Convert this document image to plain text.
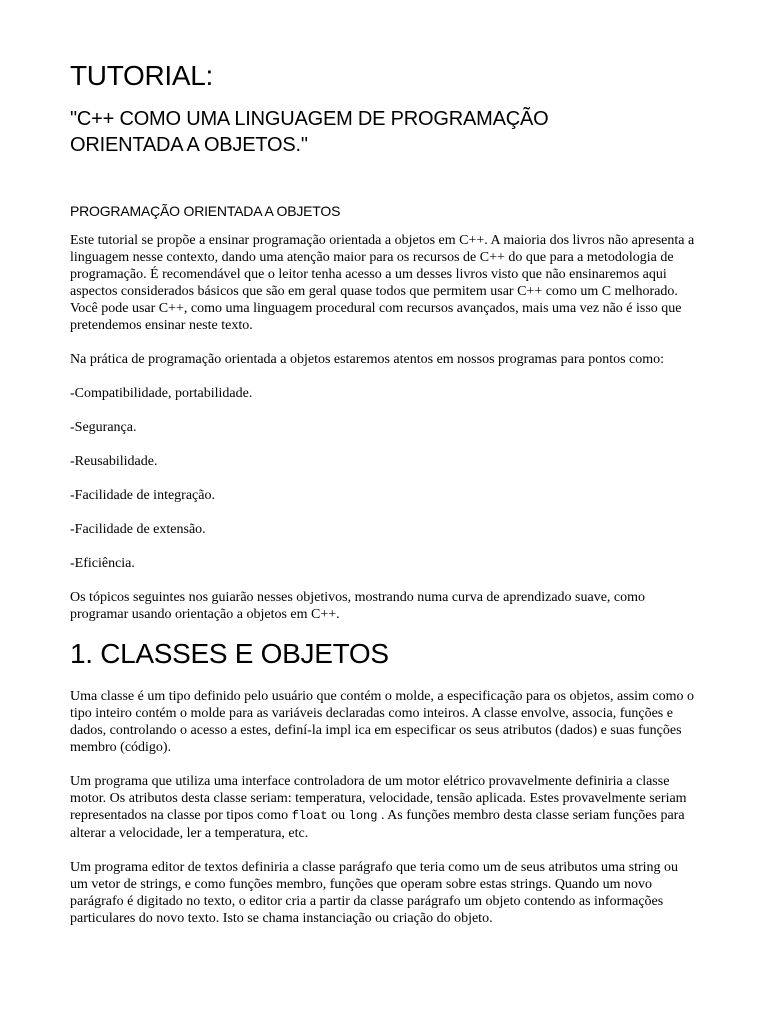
TUTORIAL:
"C++ COMO UMA LINGUAGEM DE PROGRAMAÇÃO
ORIENTADA A OBJETOS."
PROGRAMAÇÃO ORIENTADA A OBJETOS

Este tutorial se propõe a ensinar programação orientada a objetos em C++. A maioria dos livros não apresenta a linguagem nesse contexto, dando uma atenção maior para os recursos de C++ do que para a metodologia de programação. É recomendável que o leitor tenha acesso a um desses livros visto que não ensinaremos aqui aspectos considerados básicos que são em geral quase todos que permitem usar C++ como um C melhorado. Você pode usar C++, como uma linguagem procedural com recursos avançados, mais uma vez não é isso que pretendemos ensinar neste texto.

Na prática de programação orientada a objetos estaremos atentos em nossos programas para pontos como:

-Compatibilidade, portabilidade.

-Segurança.

-Reusabilidade.

-Facilidade de integração.

-Facilidade de extensão.

-Eficiência.

Os tópicos seguintes nos guiarão nesses objetivos, mostrando numa curva de aprendizado suave, como programar usando orientação a objetos em C++.

1. CLASSES E OBJETOS

Uma classe é um tipo definido pelo usuário que contém o molde, a especificação para os objetos, assim como o tipo inteiro contém o molde para as variáveis declaradas como inteiros. A classe envolve, associa, funções e dados, controlando o acesso a estes, definí-la impl ica em especificar os seus atributos (dados) e suas funções membro (código).

Um programa que utiliza uma interface controladora de um motor elétrico provavelmente definiria a classe motor. Os atributos desta classe seriam: temperatura, velocidade, tensão aplicada. Estes provavelmente seriam representados na classe por tipos como float ou long . As funções membro desta classe seriam funções para alterar a velocidade, ler a temperatura, etc.

Um programa editor de textos definiria a classe parágrafo que teria como um de seus atributos uma string ou um vetor de strings, e como funções membro, funções que operam sobre estas strings. Quando um novo parágrafo é digitado no texto, o editor cria a partir da classe parágrafo um objeto contendo as informações particulares do novo texto. Isto se chama instanciação ou criação do objeto.
